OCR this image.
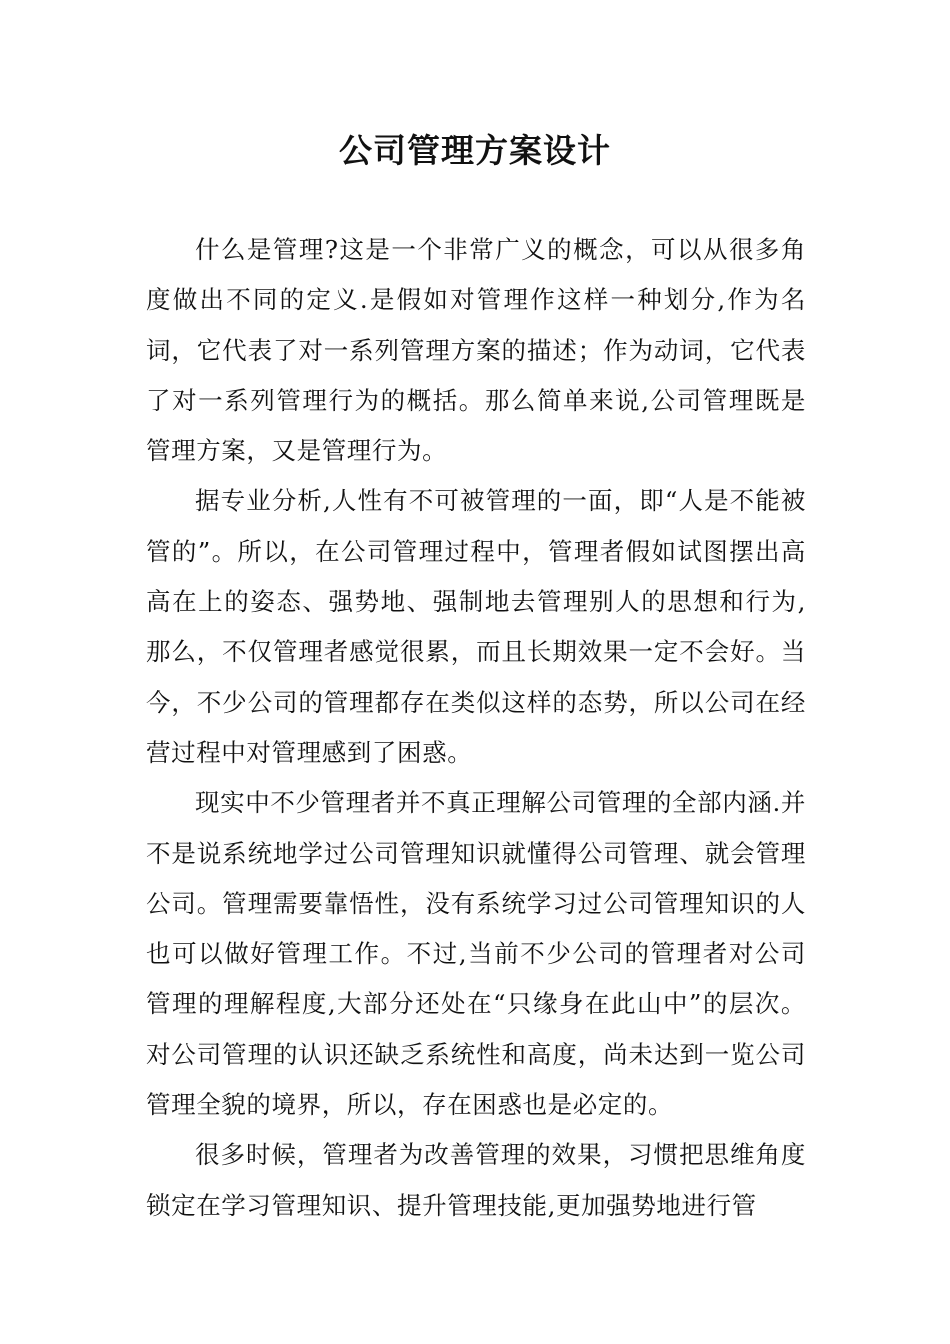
公司管理方案设计

什么是管理?这是一个非常广义的概念，可以从很多角度做出不同的定义.是假如对管理作这样一种划分,作为名词，它代表了对一系列管理方案的描述；作为动词，它代表了对一系列管理行为的概括。那么简单来说,公司管理既是管理方案，又是管理行为。

据专业分析,人性有不可被管理的一面，即“人是不能被管的”。所以，在公司管理过程中，管理者假如试图摆出高高在上的姿态、强势地、强制地去管理别人的思想和行为,那么，不仅管理者感觉很累，而且长期效果一定不会好。当今，不少公司的管理都存在类似这样的态势，所以公司在经营过程中对管理感到了困惑。

现实中不少管理者并不真正理解公司管理的全部内涵.并不是说系统地学过公司管理知识就懂得公司管理、就会管理公司。管理需要靠悟性，没有系统学习过公司管理知识的人也可以做好管理工作。不过,当前不少公司的管理者对公司管理的理解程度,大部分还处在“只缘身在此山中”的层次。对公司管理的认识还缺乏系统性和高度，尚未达到一览公司管理全貌的境界，所以，存在困惑也是必定的。

很多时候，管理者为改善管理的效果，习惯把思维角度锁定在学习管理知识、提升管理技能,更加强势地进行管
